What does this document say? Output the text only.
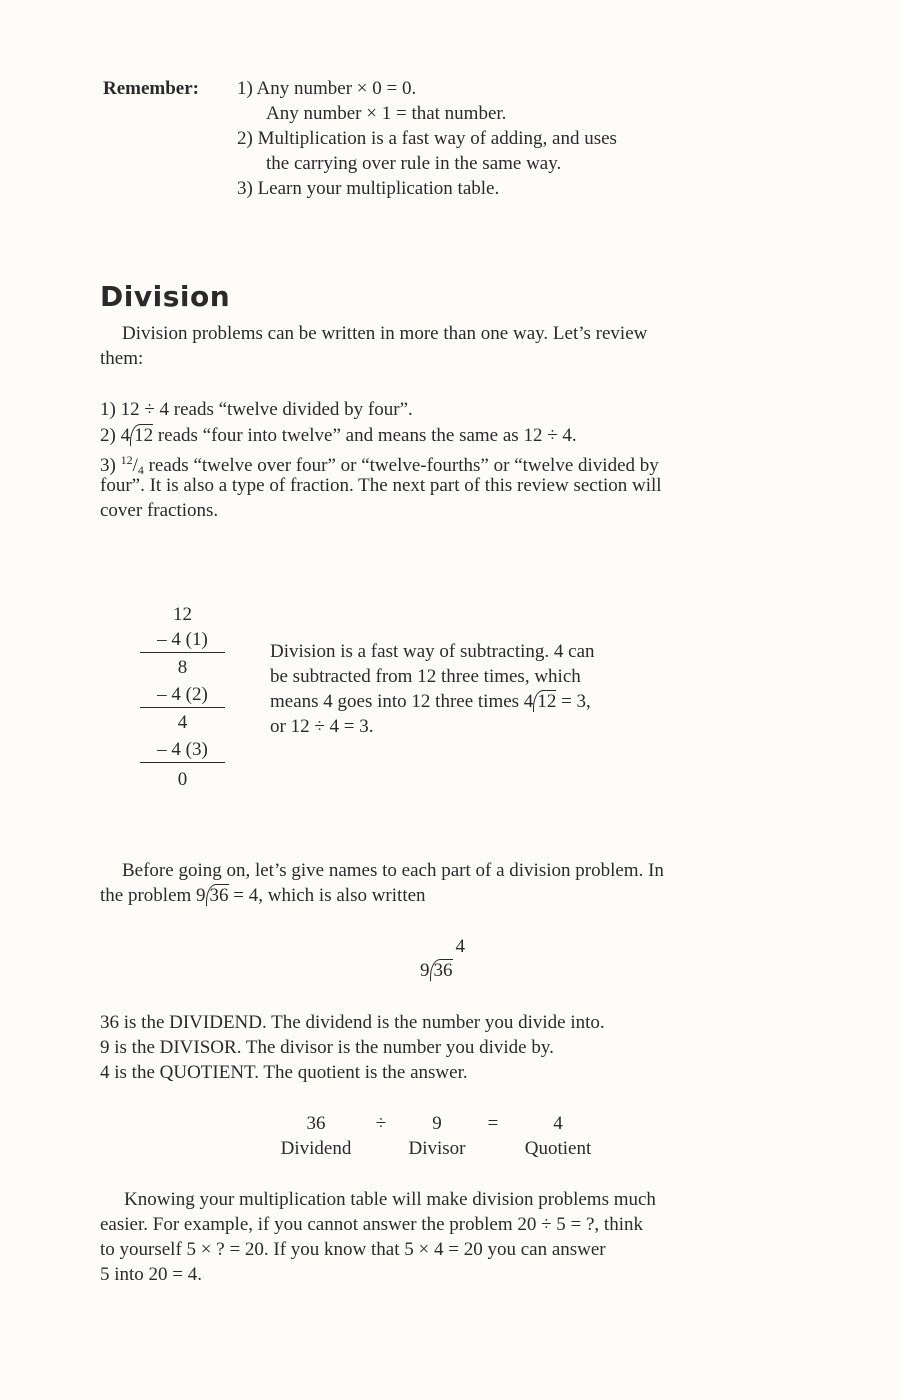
Remember: 1) Any number × 0 = 0.
Any number × 1 = that number.
2) Multiplication is a fast way of adding, and uses
the carrying over rule in the same way.
3) Learn your multiplication table.
Division
Division problems can be written in more than one way. Let’s review
them:
1) 12 ÷ 4 reads “twelve divided by four”.
2) 4 12 reads “four into twelve” and means the same as 12 ÷ 4.
3) $^{12}/_4$ reads “twelve over four” or “twelve-fourths” or “twelve divided by
four”. It is also a type of fraction. The next part of this review section will
cover fractions.
12
– 4 (1)
8
– 4 (2)
4
– 4 (3)
0
Division is a fast way of subtracting. 4 can
be subtracted from 12 three times, which
means 4 goes into 12 three times 4 12 = 3,
or 12 ÷ 4 = 3.
Before going on, let’s give names to each part of a division problem. In
the problem 9 36 = 4, which is also written
4
9 36
36 is the DIVIDEND. The dividend is the number you divide into.
9 is the DIVISOR. The divisor is the number you divide by.
4 is the QUOTIENT. The quotient is the answer.
36	÷	9	=	4
Dividend	Divisor	Quotient
Knowing your multiplication table will make division problems much
easier. For example, if you cannot answer the problem 20 ÷ 5 = ?, think
to yourself 5 × ? = 20. If you know that 5 × 4 = 20 you can answer
5 into 20 = 4.
